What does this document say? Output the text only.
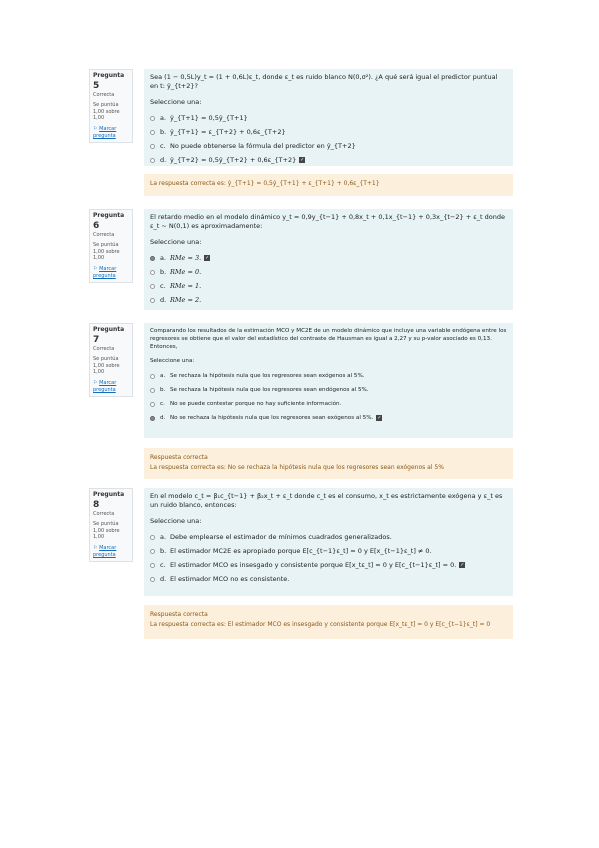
Pregunta 5
Correcta
Se puntúa 1,00 sobre 1,00
⚐ Marcar pregunta

Sea (1 − 0,5L)y_t = (1 + 0,6L)ε_t, donde ε_t es ruido blanco N(0,σ²). ¿A qué será igual el predictor puntual en t: ŷ_{t+2}?

Seleccione una:
a. ŷ_{T+1} = 0,5ŷ_{T+1}
b. ŷ_{T+1} = ε_{T+2} + 0,6ε_{T+2}
c. No puede obtenerse la fórmula del predictor en ŷ_{T+2}
d. ŷ_{T+2} = 0,5ŷ_{T+2} + 0,6ε_{T+2} ✓
La respuesta correcta es: ŷ_{T+1} = 0,5ŷ_{T+1} + ε_{T+1} + 0,6ε_{T+1}
Pregunta 6
Correcta
Se puntúa 1,00 sobre 1,00
⚐ Marcar pregunta

El retardo medio en el modelo dinámico y_t = 0,9y_{t−1} + 0,8x_t + 0,1x_{t−1} + 0,3x_{t−2} + ε_t donde ε_t ~ N(0,1) es aproximadamente:

Seleccione una:
a. RMe = 3. ✓
b. RMe = 0.
c. RMe = 1.
d. RMe = 2.
Pregunta 7
Correcta
Se puntúa 1,00 sobre 1,00
⚐ Marcar pregunta

Comparando los resultados de la estimación MCO y MC2E de un modelo dinámico que incluye una variable endógena entre los regresores se obtiene que el valor del estadístico del contraste de Hausman es igual a 2,27 y su p-valor asociado es 0,13. Entonces,

Seleccione una:
a. Se rechaza la hipótesis nula que los regresores sean exógenos al 5%.
b. Se rechaza la hipótesis nula que los regresores sean endógenos al 5%.
c. No se puede contestar porque no hay suficiente información.
d. No se rechaza la hipótesis nula que los regresores sean exógenos al 5%. ✓
Respuesta correcta
La respuesta correcta es: No se rechaza la hipótesis nula que los regresores sean exógenos al 5%
Pregunta 8
Correcta
Se puntúa 1,00 sobre 1,00
⚐ Marcar pregunta

En el modelo c_t = β₁c_{t−1} + β₂x_t + ε_t donde c_t es el consumo, x_t es estrictamente exógena y ε_t es un ruido blanco, entonces:

Seleccione una:
a. Debe emplearse el estimador de mínimos cuadrados generalizados.
b. El estimador MC2E es apropiado porque E[c_{t−1}ε_t] = 0 y E[x_{t−1}ε_t] ≠ 0.
c. El estimador MCO es insesgado y consistente porque E[x_tε_t] = 0 y E[c_{t−1}ε_t] = 0. ✓
d. El estimador MCO no es consistente.
Respuesta correcta
La respuesta correcta es: El estimador MCO es insesgado y consistente porque E[x_tε_t] = 0 y E[c_{t−1}ε_t] = 0
